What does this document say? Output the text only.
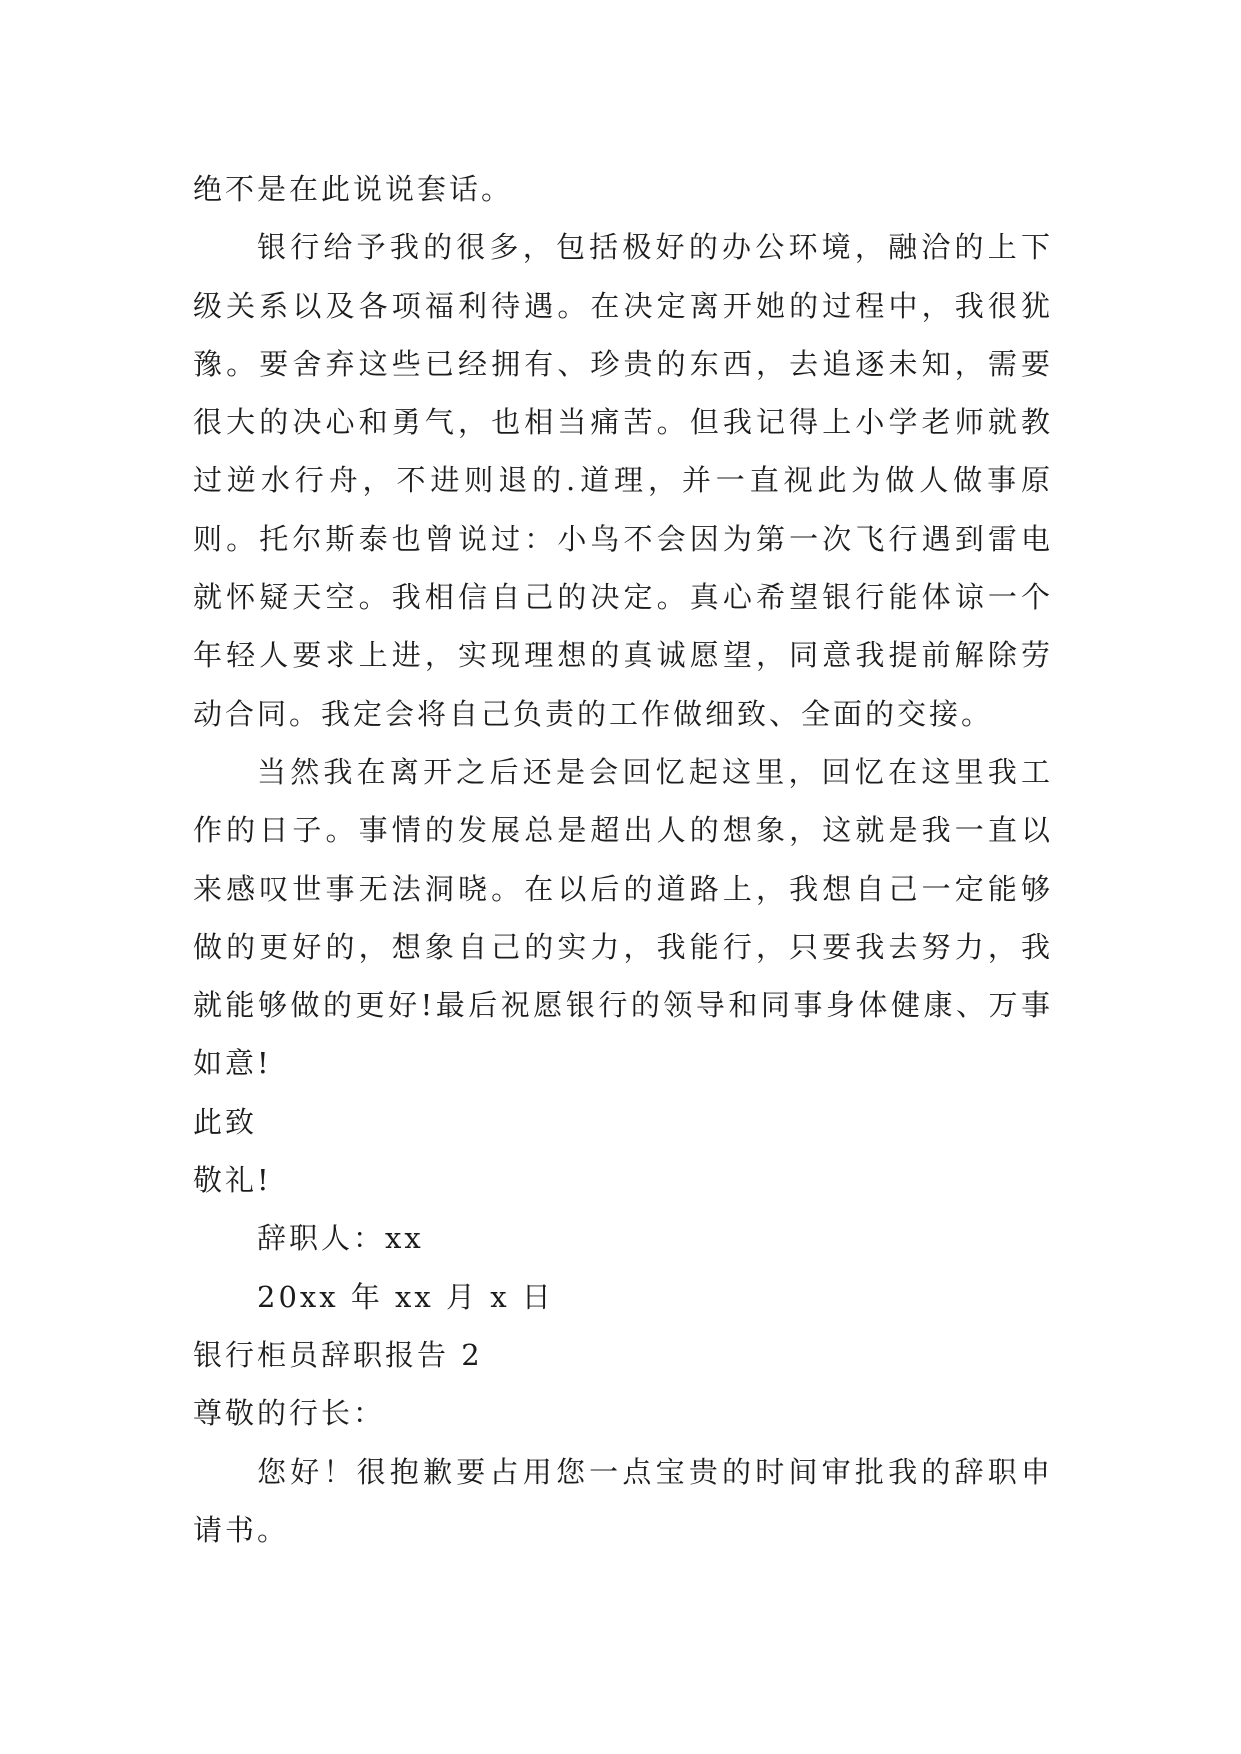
绝不是在此说说套话。

银行给予我的很多，包括极好的办公环境，融洽的上下级关系以及各项福利待遇。在决定离开她的过程中，我很犹豫。要舍弃这些已经拥有、珍贵的东西，去追逐未知，需要很大的决心和勇气，也相当痛苦。但我记得上小学老师就教过逆水行舟，不进则退的.道理，并一直视此为做人做事原则。托尔斯泰也曾说过：小鸟不会因为第一次飞行遇到雷电就怀疑天空。我相信自己的决定。真心希望银行能体谅一个年轻人要求上进，实现理想的真诚愿望，同意我提前解除劳动合同。我定会将自己负责的工作做细致、全面的交接。

当然我在离开之后还是会回忆起这里，回忆在这里我工作的日子。事情的发展总是超出人的想象，这就是我一直以来感叹世事无法洞晓。在以后的道路上，我想自己一定能够做的更好的，想象自己的实力，我能行，只要我去努力，我就能够做的更好!最后祝愿银行的领导和同事身体健康、万事如意!

此致

敬礼!

辞职人：xx

20xx 年 xx 月 x 日

银行柜员辞职报告 2

尊敬的行长：

您好！很抱歉要占用您一点宝贵的时间审批我的辞职申请书。
